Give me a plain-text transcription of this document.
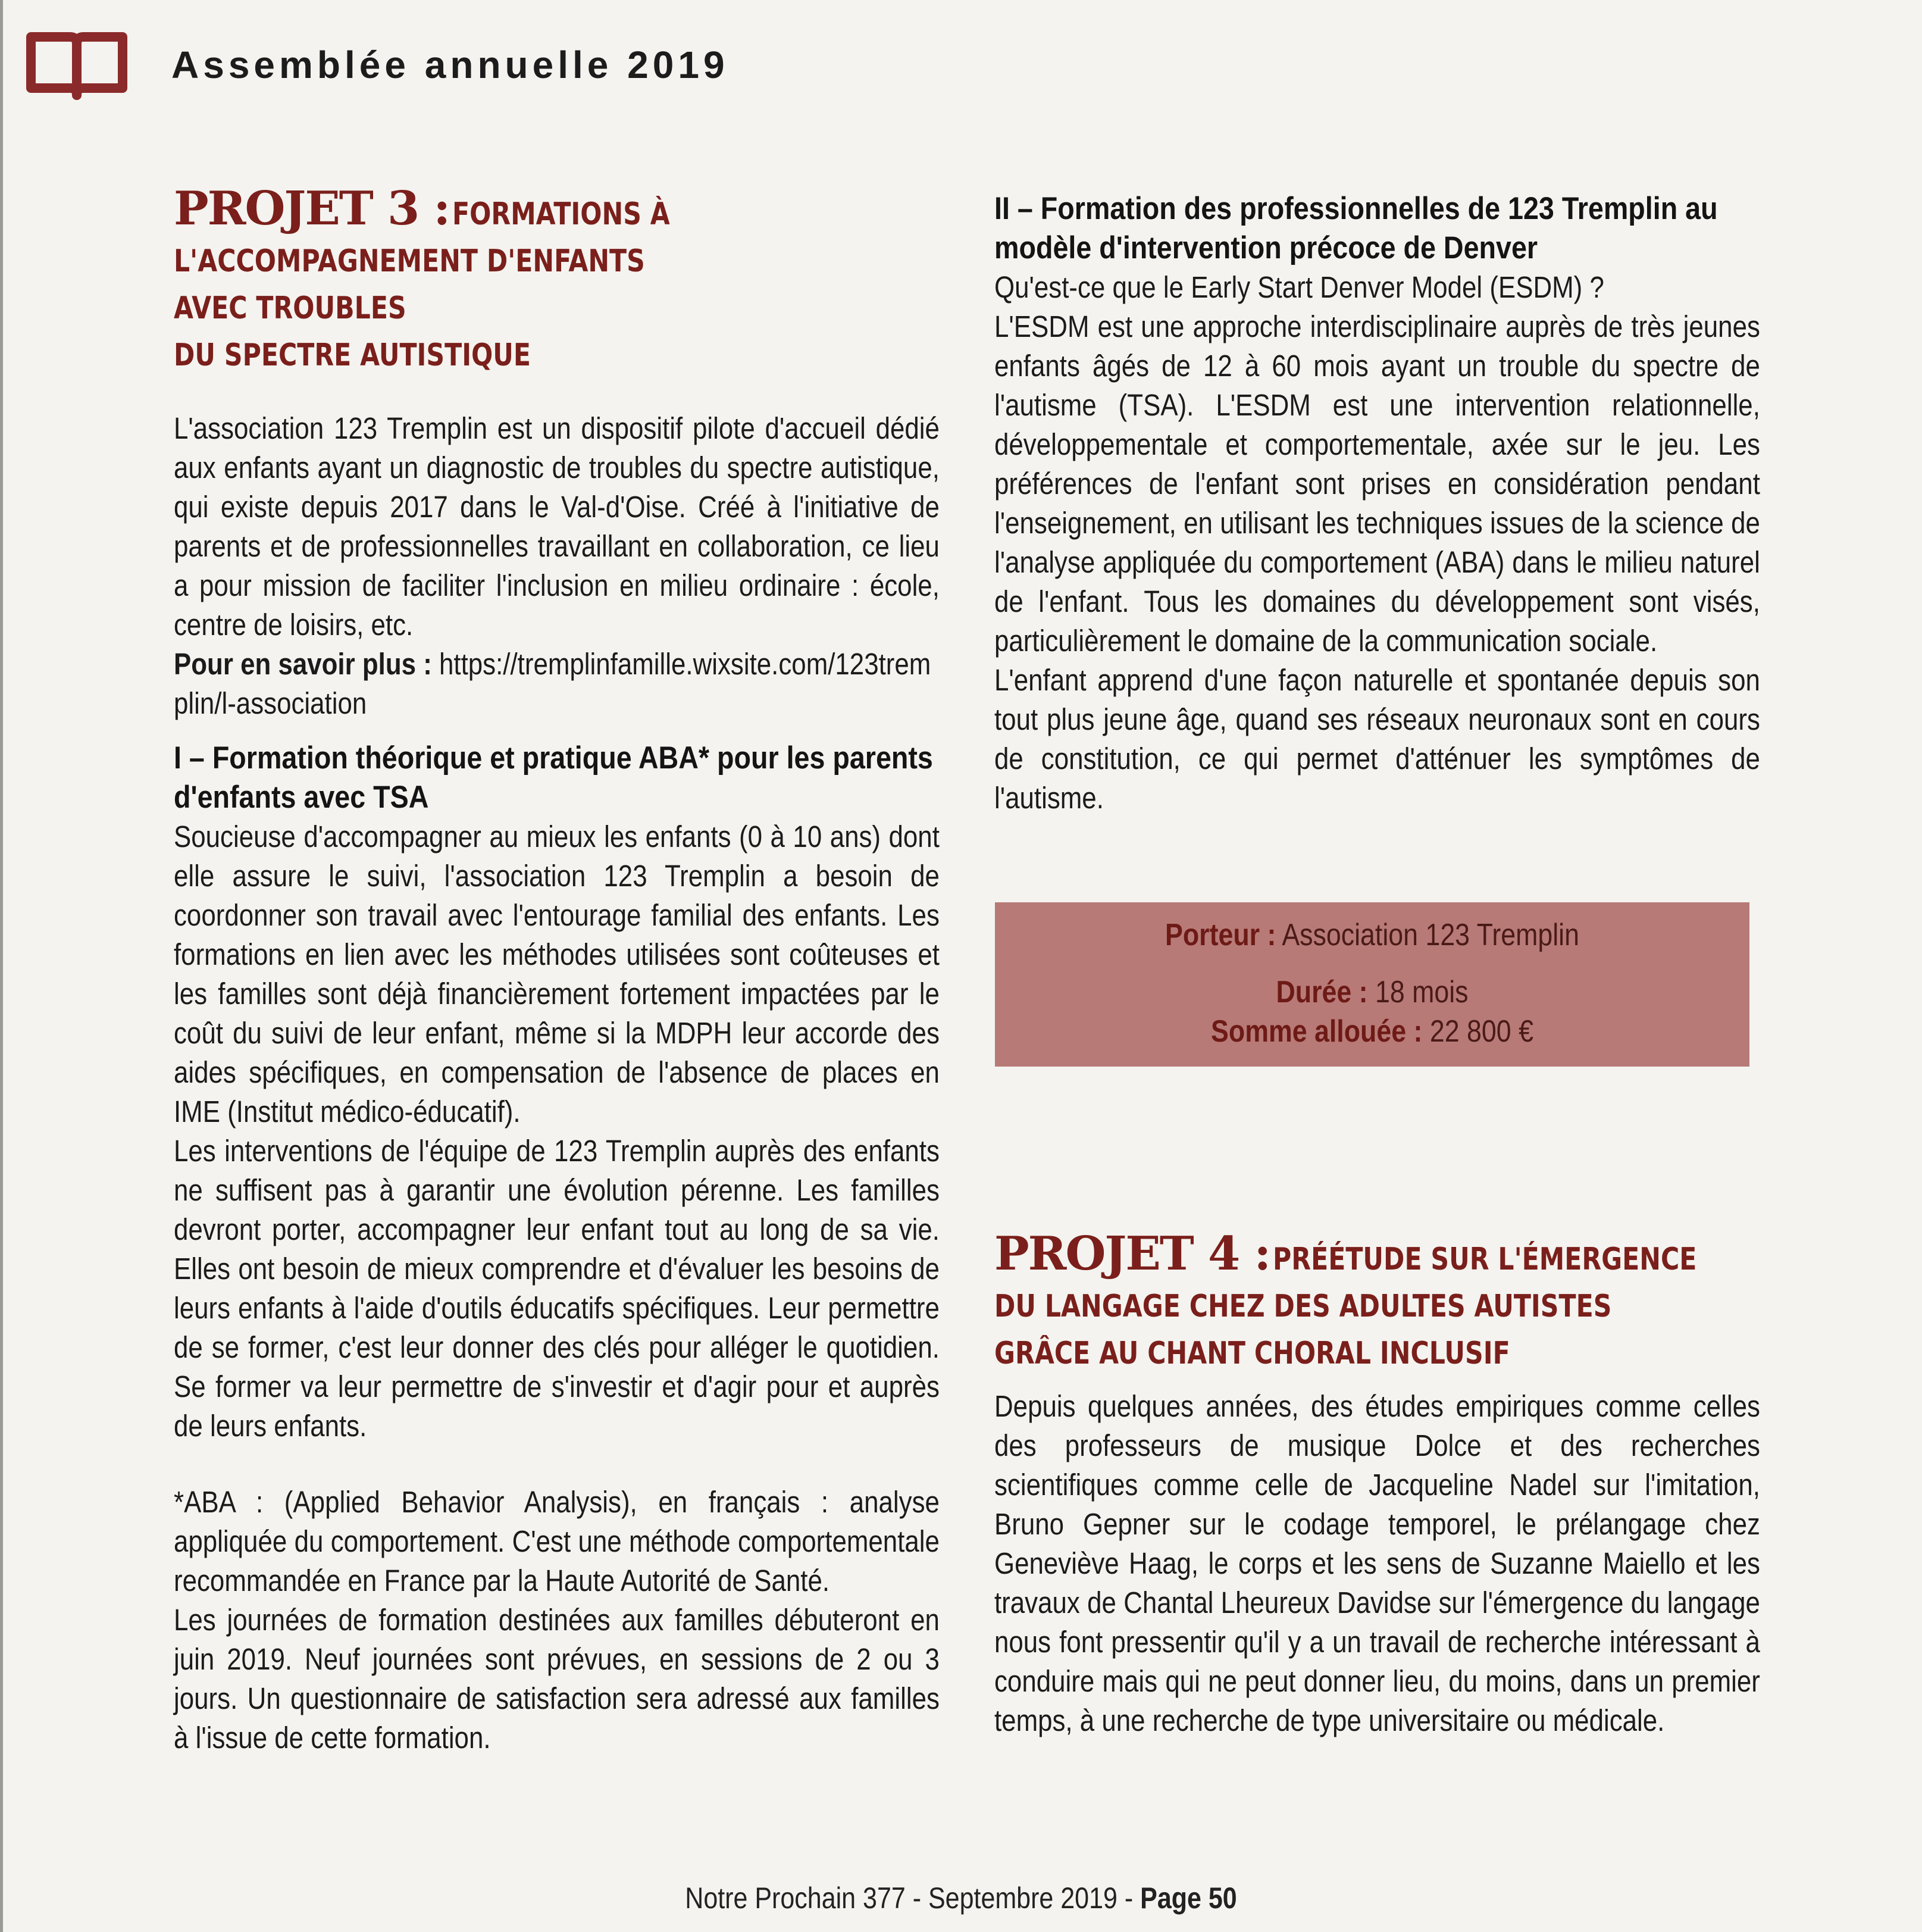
Assemblée annuelle 2019
PROJET 3 : FORMATIONS À
L'ACCOMPAGNEMENT D'ENFANTS
AVEC TROUBLES
DU SPECTRE AUTISTIQUE

L'association 123 Tremplin est un dispositif pilote d'accueil dédié aux enfants ayant un diagnostic de troubles du spectre autistique, qui existe depuis 2017 dans le Val-d'Oise. Créé à l'initiative de parents et de professionnelles travaillant en collaboration, ce lieu a pour mission de faciliter l'inclusion en milieu ordinaire : école, centre de loisirs, etc.

Pour en savoir plus : https://tremplinfamille.wixsite.com/123tremplin/l-association

I – Formation théorique et pratique ABA* pour les parents d'enfants avec TSA

Soucieuse d'accompagner au mieux les enfants (0 à 10 ans) dont elle assure le suivi, l'association 123 Tremplin a besoin de coordonner son travail avec l'entourage familial des enfants. Les formations en lien avec les méthodes utilisées sont coûteuses et les familles sont déjà financièrement fortement impactées par le coût du suivi de leur enfant, même si la MDPH leur accorde des aides spécifiques, en compensation de l'absence de places en IME (Institut médico-éducatif).

Les interventions de l'équipe de 123 Tremplin auprès des enfants ne suffisent pas à garantir une évolution pérenne. Les familles devront porter, accompagner leur enfant tout au long de sa vie. Elles ont besoin de mieux comprendre et d'évaluer les besoins de leurs enfants à l'aide d'outils éducatifs spécifiques. Leur permettre de se former, c'est leur donner des clés pour alléger le quotidien. Se former va leur permettre de s'investir et d'agir pour et auprès de leurs enfants.

*ABA : (Applied Behavior Analysis), en français : analyse appliquée du comportement. C'est une méthode comportementale recommandée en France par la Haute Autorité de Santé.

Les journées de formation destinées aux familles débuteront en juin 2019. Neuf journées sont prévues, en sessions de 2 ou 3 jours. Un questionnaire de satisfaction sera adressé aux familles à l'issue de cette formation.

II – Formation des professionnelles de 123 Tremplin au modèle d'intervention précoce de Denver

Qu'est-ce que le Early Start Denver Model (ESDM) ?

L'ESDM est une approche interdisciplinaire auprès de très jeunes enfants âgés de 12 à 60 mois ayant un trouble du spectre de l'autisme (TSA). L'ESDM est une intervention relationnelle, développementale et comportementale, axée sur le jeu. Les préférences de l'enfant sont prises en considération pendant l'enseignement, en utilisant les techniques issues de la science de l'analyse appliquée du comportement (ABA) dans le milieu naturel de l'enfant. Tous les domaines du développement sont visés, particulièrement le domaine de la communication sociale.

L'enfant apprend d'une façon naturelle et spontanée depuis son tout plus jeune âge, quand ses réseaux neuronaux sont en cours de constitution, ce qui permet d'atténuer les symptômes de l'autisme.

Porteur : Association 123 Tremplin
Durée : 18 mois
Somme allouée : 22 800 €
PROJET 4 : PRÉÉTUDE SUR L'ÉMERGENCE
DU LANGAGE CHEZ DES ADULTES AUTISTES
GRÂCE AU CHANT CHORAL INCLUSIF

Depuis quelques années, des études empiriques comme celles des professeurs de musique Dolce et des recherches scientifiques comme celle de Jacqueline Nadel sur l'imitation, Bruno Gepner sur le codage temporel, le prélangage chez Geneviève Haag, le corps et les sens de Suzanne Maiello et les travaux de Chantal Lheureux Davidse sur l'émergence du langage nous font pressentir qu'il y a un travail de recherche intéressant à conduire mais qui ne peut donner lieu, du moins, dans un premier temps, à une recherche de type universitaire ou médicale.

Notre Prochain 377 - Septembre 2019 - Page 50
